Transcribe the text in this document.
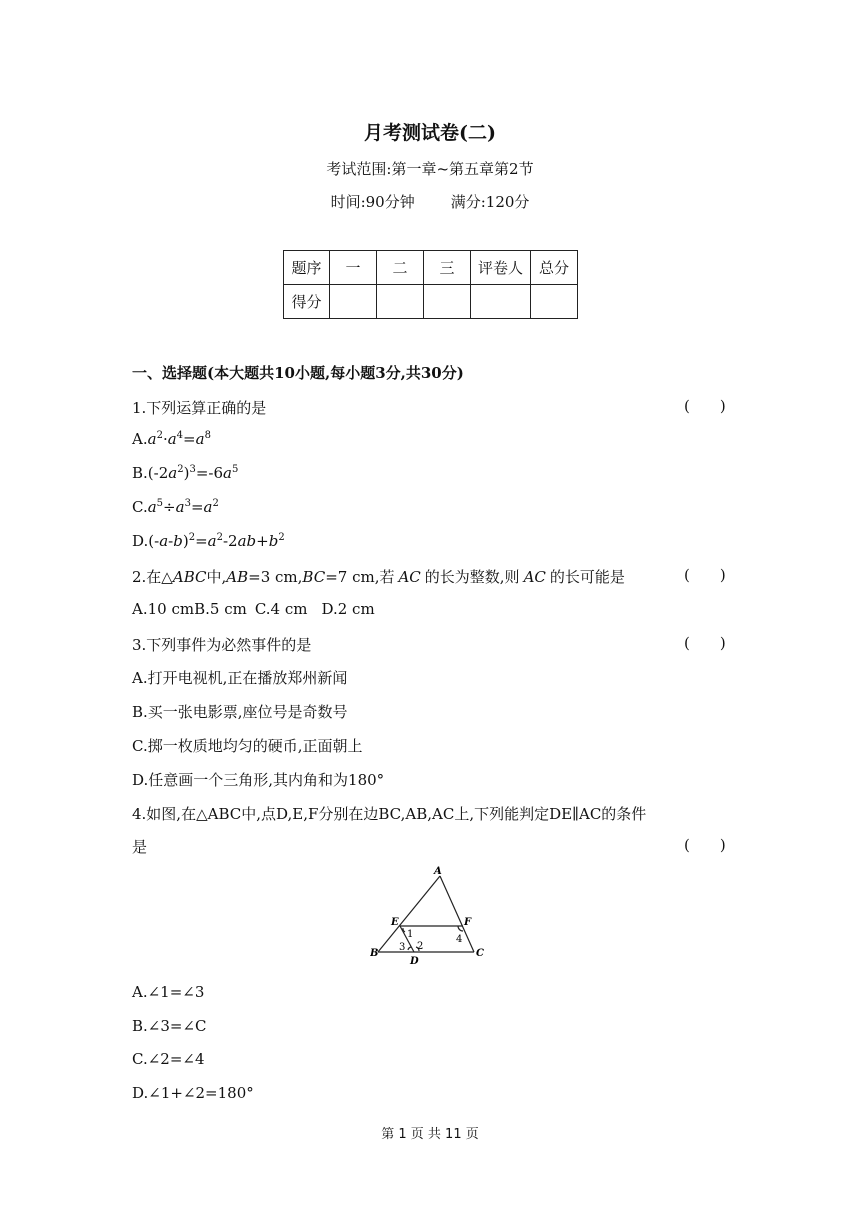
月考测试卷(二)
考试范围:第一章~第五章第2节
时间:90分钟 满分:120分
题序	一	二	三	评卷人	总分
得分					
一、选择题(本大题共10小题,每小题3分,共30分)
1.下列运算正确的是	( )
$A.a^2\cdot a^4=a^8$
$B.(-2a^2)^3=-6a^5$
$C.a^5\div a^3=a^2$
$D.(-a-b)^2=a^2-2ab+b^2$
2.在△ABC中,AB=3 cm,BC=7 cm,若 AC 的长为整数,则 AC 的长可能是	( )
A.10 cmB.5 cm C.4 cm D.2 cm
3.下列事件为必然事件的是	( )
A.打开电视机,正在播放郑州新闻
B.买一张电影票,座位号是奇数号
C.掷一枚质地均匀的硬币,正面朝上
D.任意画一个三角形,其内角和为180°
4.如图,在△ABC中,点D,E,F分别在边BC,AB,AC上,下列能判定DE∥AC的条件
是	( )
A
B	C
D
E	F
1
2
3
4
A.∠1=∠3
B.∠3=∠C
C.∠2=∠4
D.∠1+∠2=180°
第 1 页 共 11 页
